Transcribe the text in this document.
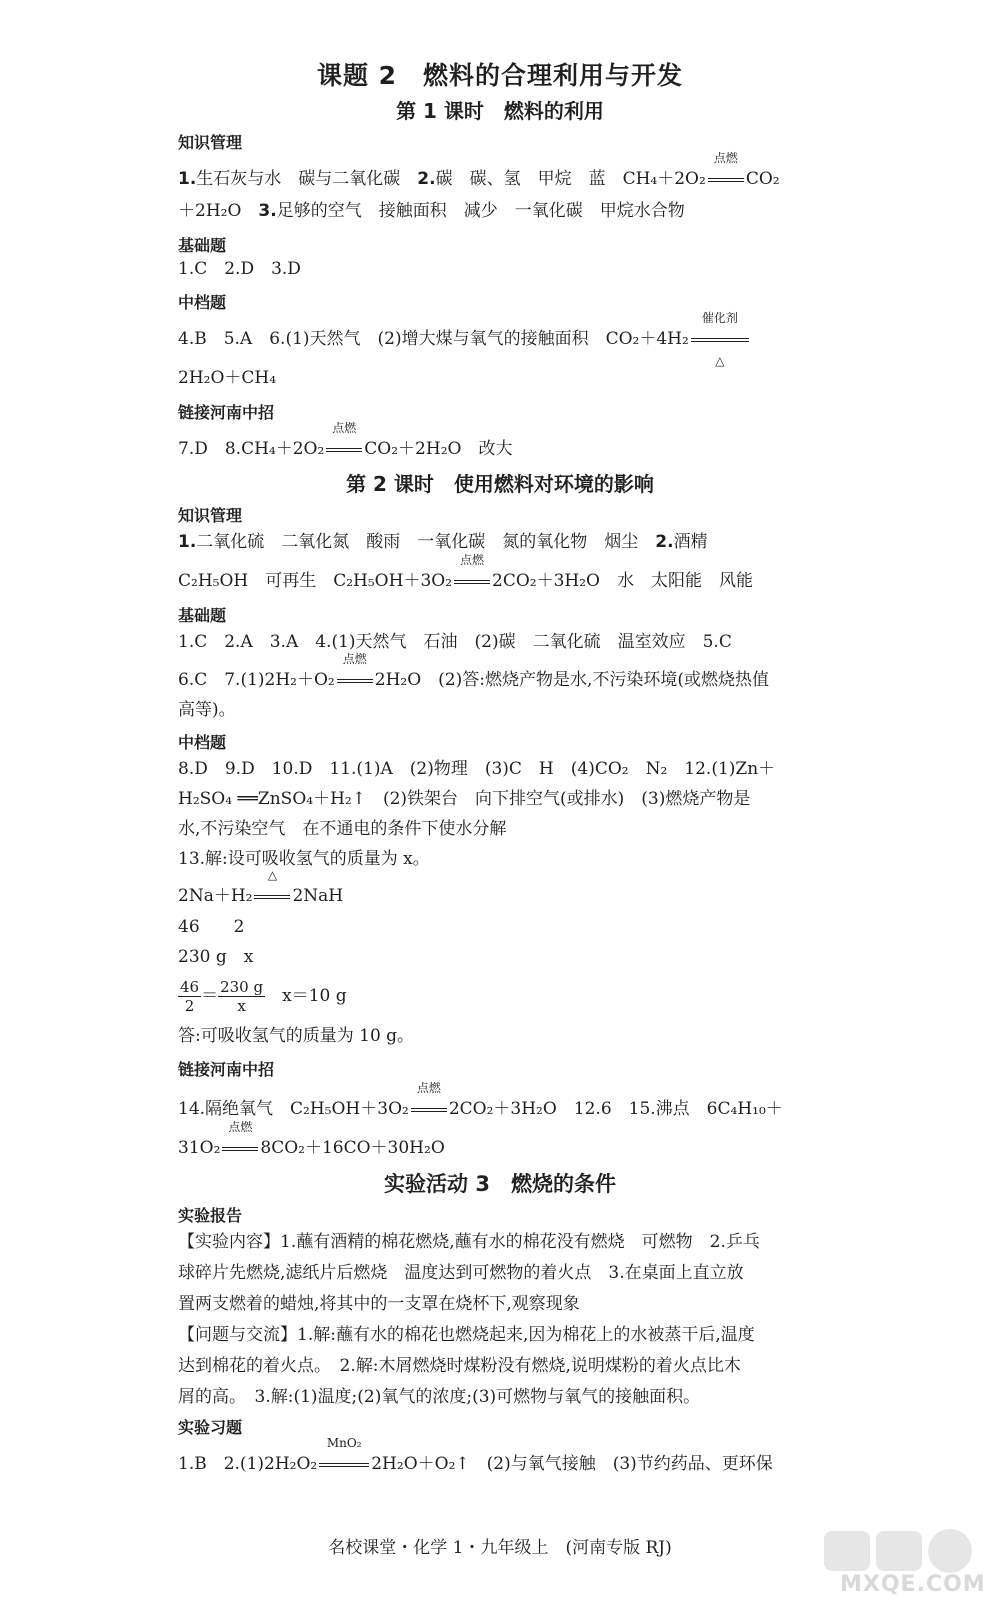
课题 2　燃料的合理利用与开发
第 1 课时　燃料的利用
知识管理
1.生石灰与水　碳与二氧化碳　2.碳　碳、氢　甲烷　蓝　CH₄＋2O₂
点燃
CO₂
＋2H₂O　3.足够的空气　接触面积　减少　一氧化碳　甲烷水合物
基础题
1.C　2.D　3.D
中档题
4.B　5.A　6.(1)天然气　(2)增大煤与氧气的接触面积　CO₂＋4H₂
催化剂
△
2H₂O＋CH₄
链接河南中招
7.D　8.CH₄＋2O₂
点燃
CO₂＋2H₂O　改大
第 2 课时　使用燃料对环境的影响
知识管理
1.二氧化硫　二氧化氮　酸雨　一氧化碳　氮的氧化物　烟尘　2.酒精
C₂H₅OH　可再生　C₂H₅OH＋3O₂
点燃
2CO₂＋3H₂O　水　太阳能　风能
基础题
1.C　2.A　3.A　4.(1)天然气　石油　(2)碳　二氧化硫　温室效应　5.C
6.C　7.(1)2H₂＋O₂
点燃
2H₂O　(2)答:燃烧产物是水,不污染环境(或燃烧热值
高等)。
中档题
8.D　9.D　10.D　11.(1)A　(2)物理　(3)C　H　(4)CO₂　N₂　12.(1)Zn＋
H₂SO₄ ══ZnSO₄＋H₂↑　(2)铁架台　向下排空气(或排水)　(3)燃烧产物是
水,不污染空气　在不通电的条件下使水分解
13.解:设可吸收氢气的质量为 x。
2Na＋H₂
△
2NaH
46　　2
230 g　x
$\frac{46}{2} = \frac{230 g}{x}$ 　x＝10 g
答:可吸收氢气的质量为 10 g。
链接河南中招
14.隔绝氧气　C₂H₅OH＋3O₂
点燃
2CO₂＋3H₂O　12.6　15.沸点　6C₄H₁₀＋
31O₂
点燃
8CO₂＋16CO＋30H₂O
实验活动 3　燃烧的条件
实验报告
【实验内容】1.蘸有酒精的棉花燃烧,蘸有水的棉花没有燃烧　可燃物　2.乒乓
球碎片先燃烧,滤纸片后燃烧　温度达到可燃物的着火点　3.在桌面上直立放
置两支燃着的蜡烛,将其中的一支罩在烧杯下,观察现象
【问题与交流】1.解:蘸有水的棉花也燃烧起来,因为棉花上的水被蒸干后,温度
达到棉花的着火点。　2.解:木屑燃烧时煤粉没有燃烧,说明煤粉的着火点比木
屑的高。　3.解:(1)温度;(2)氧气的浓度;(3)可燃物与氧气的接触面积。
实验习题
1.B　2.(1)2H₂O₂
MnO₂
2H₂O＋O₂↑　(2)与氧气接触　(3)节约药品、更环保
名校课堂・化学 1・九年级上　(河南专版 RJ)
MXQE.COM
